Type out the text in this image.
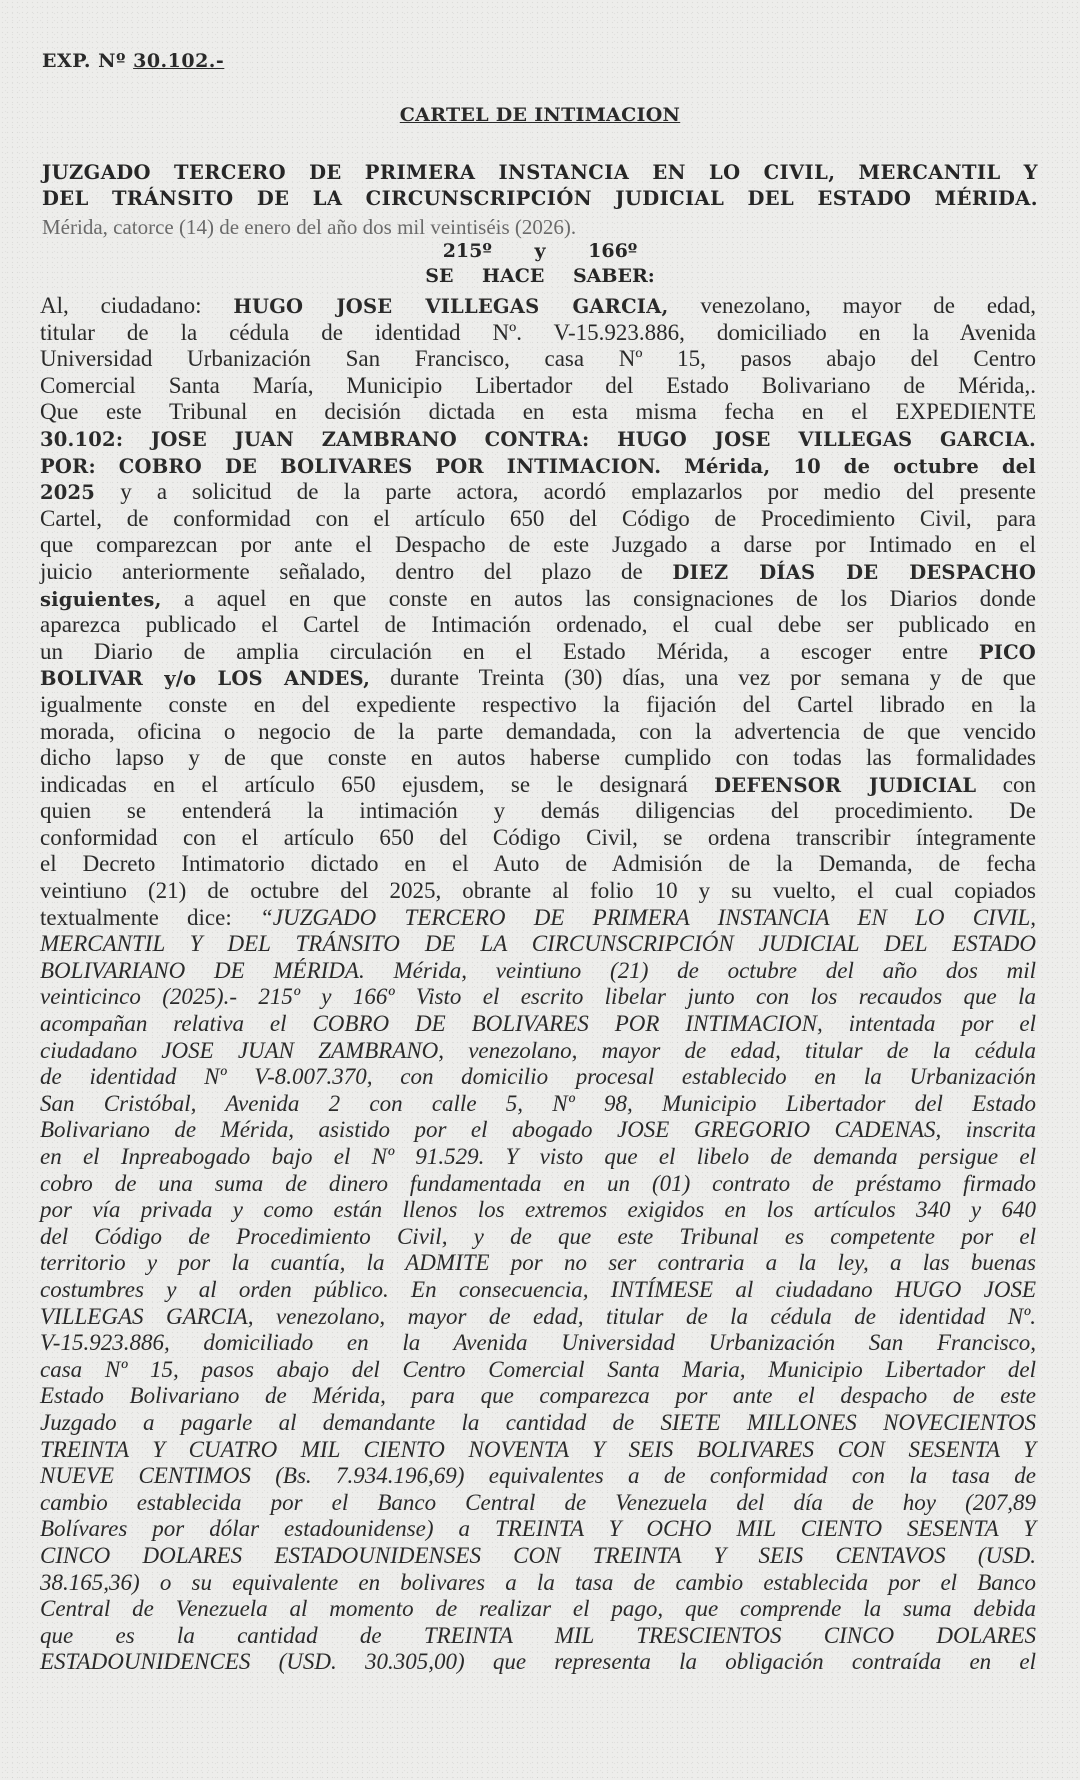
EXP. Nº 30.102.-
CARTEL DE INTIMACION
JUZGADO TERCERO DE PRIMERA INSTANCIA EN LO CIVIL, MERCANTIL Y
DEL TRÁNSITO DE LA CIRCUNSCRIPCIÓN JUDICIAL DEL ESTADO MÉRIDA.
Mérida, catorce (14) de enero del año dos mil veintiséis (2026).
215º y 166º
SE HACE SABER:
Al, ciudadano: HUGO JOSE VILLEGAS GARCIA, venezolano, mayor de edad,
titular de la cédula de identidad Nº. V-15.923.886, domiciliado en la Avenida
Universidad Urbanización San Francisco, casa Nº 15, pasos abajo del Centro
Comercial Santa María, Municipio Libertador del Estado Bolivariano de Mérida,.
Que este Tribunal en decisión dictada en esta misma fecha en el EXPEDIENTE
30.102: JOSE JUAN ZAMBRANO CONTRA: HUGO JOSE VILLEGAS GARCIA.
POR: COBRO DE BOLIVARES POR INTIMACION. Mérida, 10 de octubre del
2025 y a solicitud de la parte actora, acordó emplazarlos por medio del presente
Cartel, de conformidad con el artículo 650 del Código de Procedimiento Civil, para
que comparezcan por ante el Despacho de este Juzgado a darse por Intimado en el
juicio anteriormente señalado, dentro del plazo de DIEZ DÍAS DE DESPACHO
siguientes, a aquel en que conste en autos las consignaciones de los Diarios donde
aparezca publicado el Cartel de Intimación ordenado, el cual debe ser publicado en
un Diario de amplia circulación en el Estado Mérida, a escoger entre PICO
BOLIVAR y/o LOS ANDES, durante Treinta (30) días, una vez por semana y de que
igualmente conste en del expediente respectivo la fijación del Cartel librado en la
morada, oficina o negocio de la parte demandada, con la advertencia de que vencido
dicho lapso y de que conste en autos haberse cumplido con todas las formalidades
indicadas en el artículo 650 ejusdem, se le designará DEFENSOR JUDICIAL con
quien se entenderá la intimación y demás diligencias del procedimiento. De
conformidad con el artículo 650 del Código Civil, se ordena transcribir íntegramente
el Decreto Intimatorio dictado en el Auto de Admisión de la Demanda, de fecha
veintiuno (21) de octubre del 2025, obrante al folio 10 y su vuelto, el cual copiados
textualmente dice: “JUZGADO TERCERO DE PRIMERA INSTANCIA EN LO CIVIL,
MERCANTIL Y DEL TRÁNSITO DE LA CIRCUNSCRIPCIÓN JUDICIAL DEL ESTADO
BOLIVARIANO DE MÉRIDA. Mérida, veintiuno (21) de octubre del año dos mil
veinticinco (2025).- 215º y 166º Visto el escrito libelar junto con los recaudos que la
acompañan relativa el COBRO DE BOLIVARES POR INTIMACION, intentada por el
ciudadano JOSE JUAN ZAMBRANO, venezolano, mayor de edad, titular de la cédula
de identidad Nº V-8.007.370, con domicilio procesal establecido en la Urbanización
San Cristóbal, Avenida 2 con calle 5, Nº 98, Municipio Libertador del Estado
Bolivariano de Mérida, asistido por el abogado JOSE GREGORIO CADENAS, inscrita
en el Inpreabogado bajo el Nº 91.529. Y visto que el libelo de demanda persigue el
cobro de una suma de dinero fundamentada en un (01) contrato de préstamo firmado
por vía privada y como están llenos los extremos exigidos en los artículos 340 y 640
del Código de Procedimiento Civil, y de que este Tribunal es competente por el
territorio y por la cuantía, la ADMITE por no ser contraria a la ley, a las buenas
costumbres y al orden público. En consecuencia, INTÍMESE al ciudadano HUGO JOSE
VILLEGAS GARCIA, venezolano, mayor de edad, titular de la cédula de identidad Nº.
V-15.923.886, domiciliado en la Avenida Universidad Urbanización San Francisco,
casa Nº 15, pasos abajo del Centro Comercial Santa Maria, Municipio Libertador del
Estado Bolivariano de Mérida, para que comparezca por ante el despacho de este
Juzgado a pagarle al demandante la cantidad de SIETE MILLONES NOVECIENTOS
TREINTA Y CUATRO MIL CIENTO NOVENTA Y SEIS BOLIVARES CON SESENTA Y
NUEVE CENTIMOS (Bs. 7.934.196,69) equivalentes a de conformidad con la tasa de
cambio establecida por el Banco Central de Venezuela del día de hoy (207,89
Bolívares por dólar estadounidense) a TREINTA Y OCHO MIL CIENTO SESENTA Y
CINCO DOLARES ESTADOUNIDENSES CON TREINTA Y SEIS CENTAVOS (USD.
38.165,36) o su equivalente en bolivares a la tasa de cambio establecida por el Banco
Central de Venezuela al momento de realizar el pago, que comprende la suma debida
que es la cantidad de TREINTA MIL TRESCIENTOS CINCO DOLARES
ESTADOUNIDENCES (USD. 30.305,00) que representa la obligación contraída en el
